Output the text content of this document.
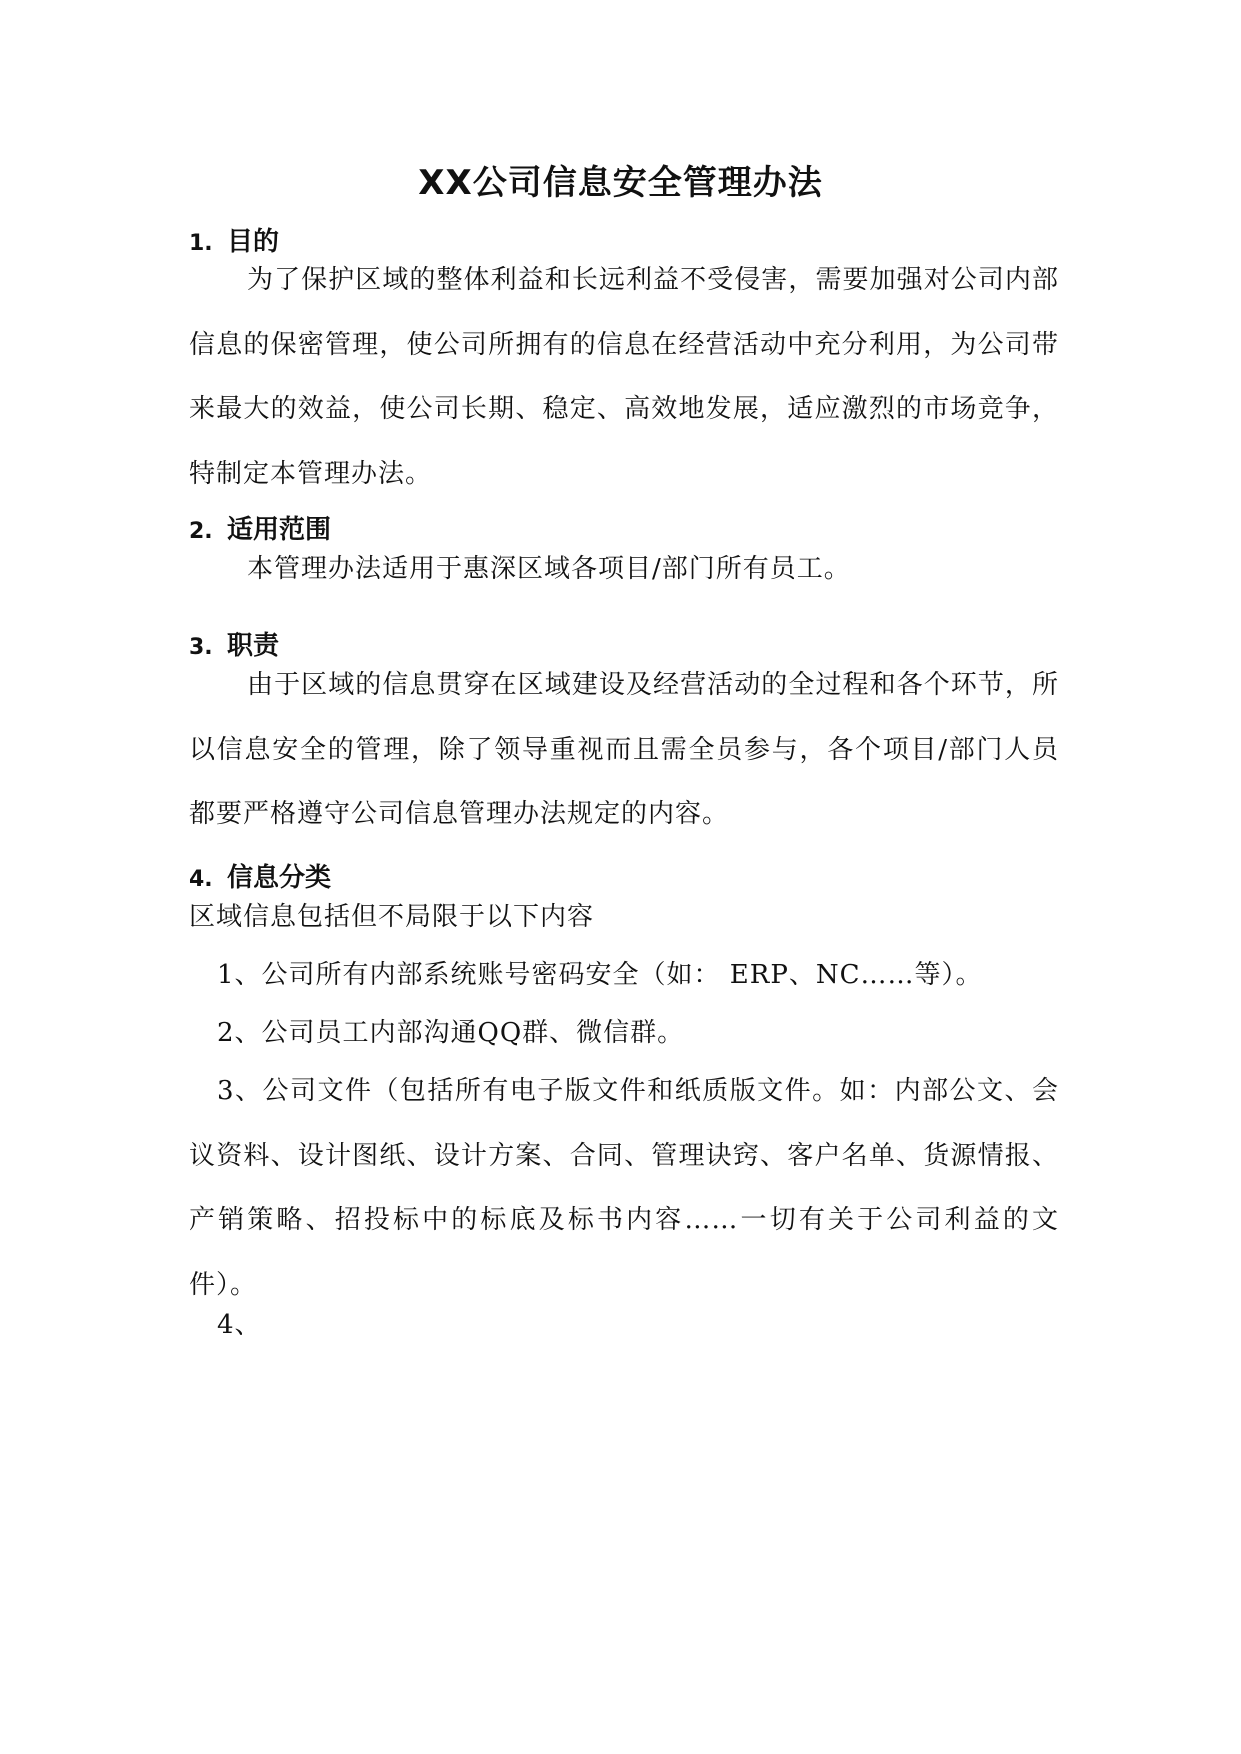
XX公司信息安全管理办法
1. 目的

为了保护区域的整体利益和长远利益不受侵害，需要加强对公司内部信息的保密管理，使公司所拥有的信息在经营活动中充分利用，为公司带来最大的效益，使公司长期、稳定、高效地发展，适应激烈的市场竞争，特制定本管理办法。

2. 适用范围

本管理办法适用于惠深区域各项目/部门所有员工。

3. 职责

由于区域的信息贯穿在区域建设及经营活动的全过程和各个环节，所以信息安全的管理，除了领导重视而且需全员参与，各个项目/部门人员都要严格遵守公司信息管理办法规定的内容。

4. 信息分类

区域信息包括但不局限于以下内容

1、公司所有内部系统账号密码安全（如： ERP、NC……等）。

2、公司员工内部沟通QQ群、微信群。

3、公司文件（包括所有电子版文件和纸质版文件。如：内部公文、会议资料、设计图纸、设计方案、合同、管理诀窍、客户名单、货源情报、产销策略、招投标中的标底及标书内容……一切有关于公司利益的文件）。

4、
